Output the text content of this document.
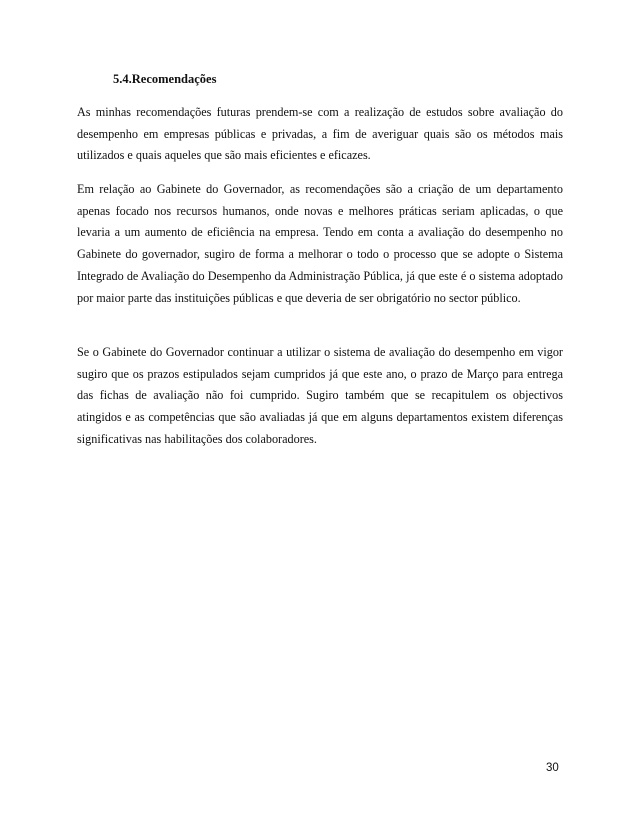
5.4.Recomendações

As minhas recomendações futuras prendem-se com a realização de estudos sobre avaliação do desempenho em empresas públicas e privadas, a fim de averiguar quais são os métodos mais utilizados e quais aqueles que são mais eficientes e eficazes.

Em relação ao Gabinete do Governador, as recomendações são a criação de um departamento apenas focado nos recursos humanos, onde novas e melhores práticas seriam aplicadas, o que levaria a um aumento de eficiência na empresa. Tendo em conta a avaliação do desempenho no Gabinete do governador, sugiro de forma a melhorar o todo o processo que se adopte o Sistema Integrado de Avaliação do Desempenho da Administração Pública, já que este é o sistema adoptado por maior parte das instituições públicas e que deveria de ser obrigatório no sector público.

Se o Gabinete do Governador continuar a utilizar o sistema de avaliação do desempenho em vigor sugiro que os prazos estipulados sejam cumpridos já que este ano, o prazo de Março para entrega das fichas de avaliação não foi cumprido. Sugiro também que se recapitulem os objectivos atingidos e as competências que são avaliadas já que em alguns departamentos existem diferenças significativas nas habilitações dos colaboradores.

30
